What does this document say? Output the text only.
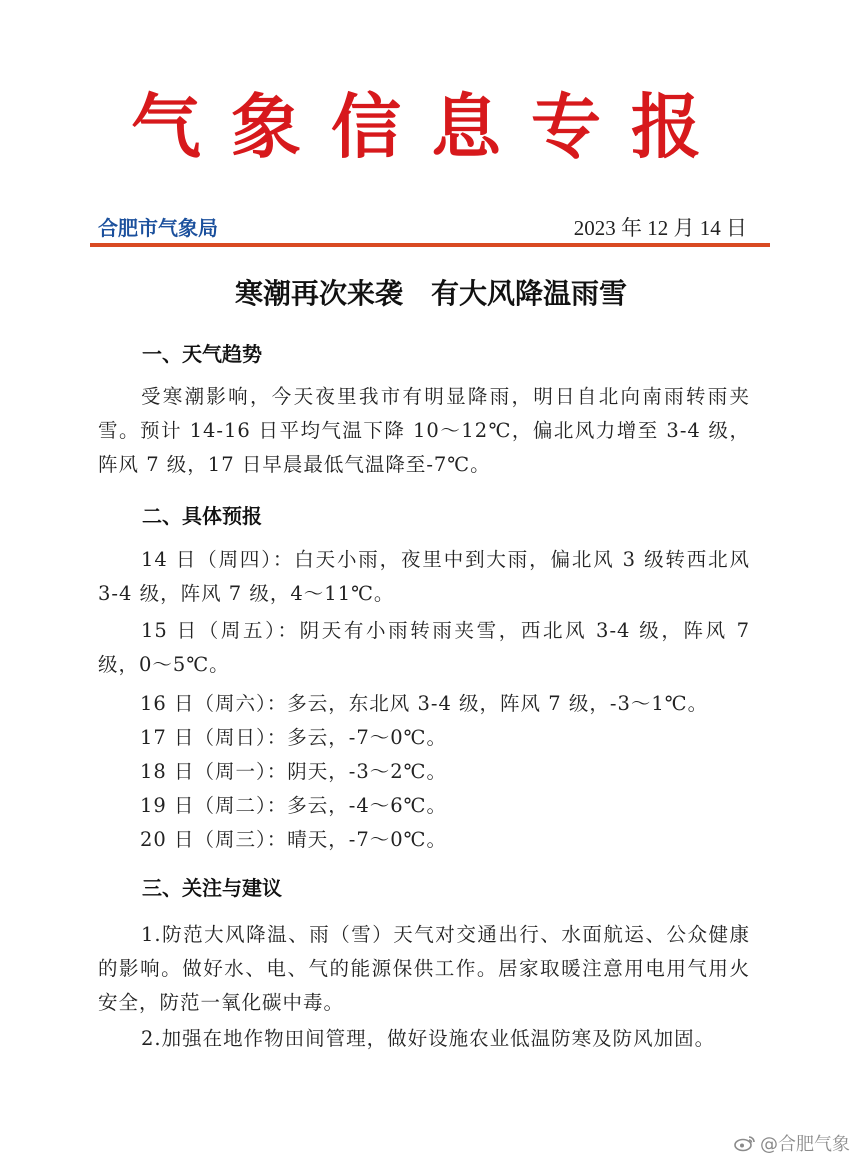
气象信息专报
合肥市气象局	2023 年 12 月 14 日
寒潮再次来袭　有大风降温雨雪
一、天气趋势
受寒潮影响，今天夜里我市有明显降雨，明日自北向南雨转雨夹雪。预计 14-16 日平均气温下降 10～12℃，偏北风力增至 3-4 级，阵风 7 级，17 日早晨最低气温降至-7℃。
二、具体预报
14 日（周四）：白天小雨，夜里中到大雨，偏北风 3 级转西北风 3-4 级，阵风 7 级，4～11℃。
15 日（周五）：阴天有小雨转雨夹雪，西北风 3-4 级，阵风 7 级，0～5℃。
16 日（周六）：多云，东北风 3-4 级，阵风 7 级，-3～1℃。
17 日（周日）：多云，-7～0℃。
18 日（周一）：阴天，-3～2℃。
19 日（周二）：多云，-4～6℃。
20 日（周三）：晴天，-7～0℃。
三、关注与建议
1.防范大风降温、雨（雪）天气对交通出行、水面航运、公众健康的影响。做好水、电、气的能源保供工作。居家取暖注意用电用气用火安全，防范一氧化碳中毒。
2.加强在地作物田间管理，做好设施农业低温防寒及防风加固。
@合肥气象
